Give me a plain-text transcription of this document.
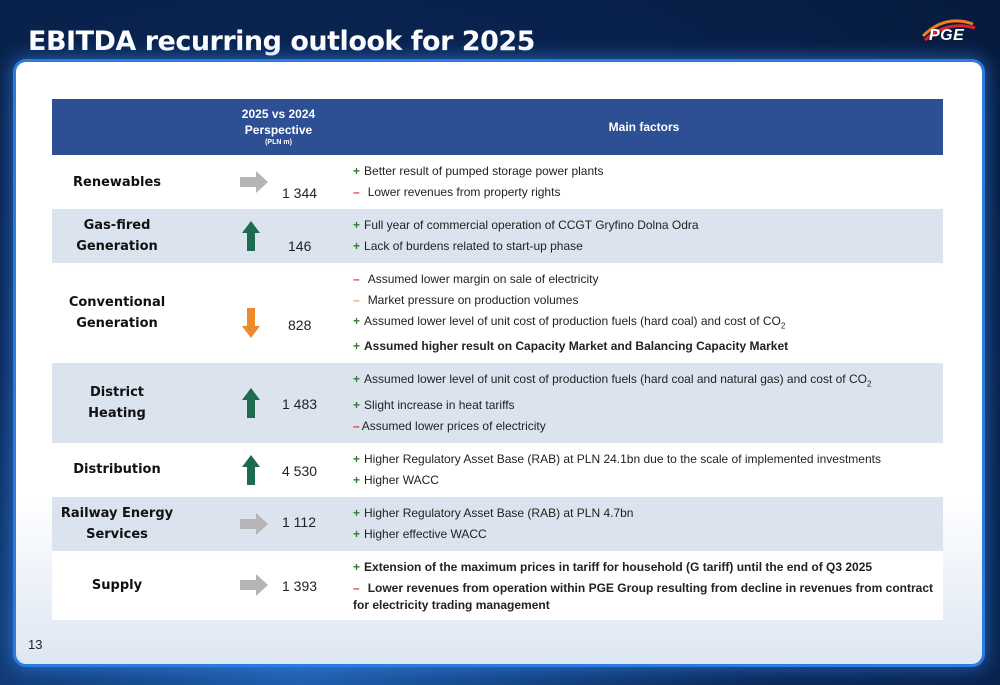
EBITDA recurring outlook for 2025	PGE

	2025 vs 2024
Perspective
(PLN m)		Main factors
Renewables		1 344	+ Better result of pumped storage power plants
– Lower revenues from property rights

Gas-fired
Generation		146	+ Full year of commercial operation of CCGT Gryfino Dolna Odra
+ Lack of burdens related to start-up phase

Conventional
Generation		828	– Assumed lower margin on sale of electricity
– Market pressure on production volumes
+ Assumed lower level of unit cost of production fuels (hard coal) and cost of $CO_2$
+ Assumed higher result on Capacity Market and Balancing Capacity Market

District Heating		1 483	+ Assumed lower level of unit cost of production fuels (hard coal and natural gas) and cost of $CO_2$
+ Slight increase in heat tariffs
– Assumed lower prices of electricity

Distribution		4 530	+ Higher Regulatory Asset Base (RAB) at PLN 24.1bn due to the scale of implemented investments
+ Higher WACC

Railway Energy
Services		1 112	+ Higher Regulatory Asset Base (RAB) at PLN 4.7bn
+ Higher effective WACC

Supply		1 393	+ Extension of the maximum prices in tariff for household (G tariff) until the end of Q3 2025
– Lower revenues from operation within PGE Group resulting from decline in revenues from contract for electricity trading management
13
